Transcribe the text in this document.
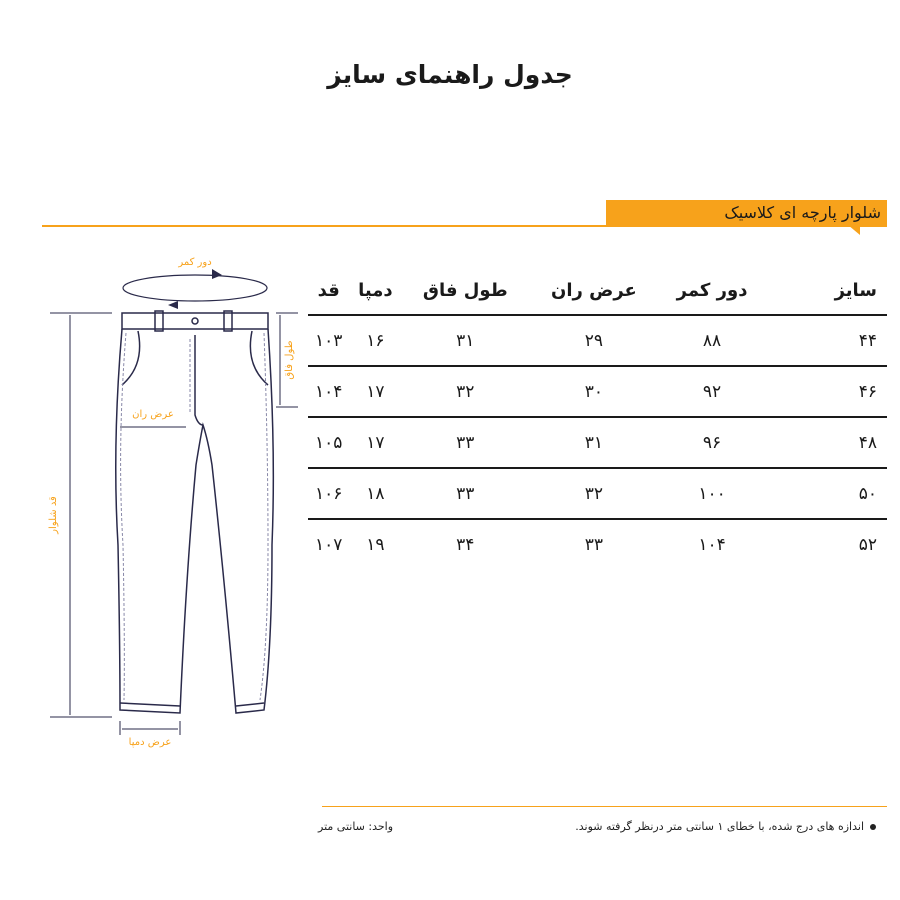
جدول راهنمای سایز
شلوار پارچه ای کلاسیک
دور کمر
طول فاق
عرض ران
قد شلوار
عرض دمپا
سایز	دور کمر	عرض ران	طول فاق	دمپا	قد
۴۴	۸۸	۲۹	۳۱	۱۶	۱۰۳
۴۶	۹۲	۳۰	۳۲	۱۷	۱۰۴
۴۸	۹۶	۳۱	۳۳	۱۷	۱۰۵
۵۰	۱۰۰	۳۲	۳۳	۱۸	۱۰۶
۵۲	۱۰۴	۳۳	۳۴	۱۹	۱۰۷
اندازه های درج شده، با خطای ۱ سانتی متر درنظر گرفته شوند.
واحد: سانتی متر
